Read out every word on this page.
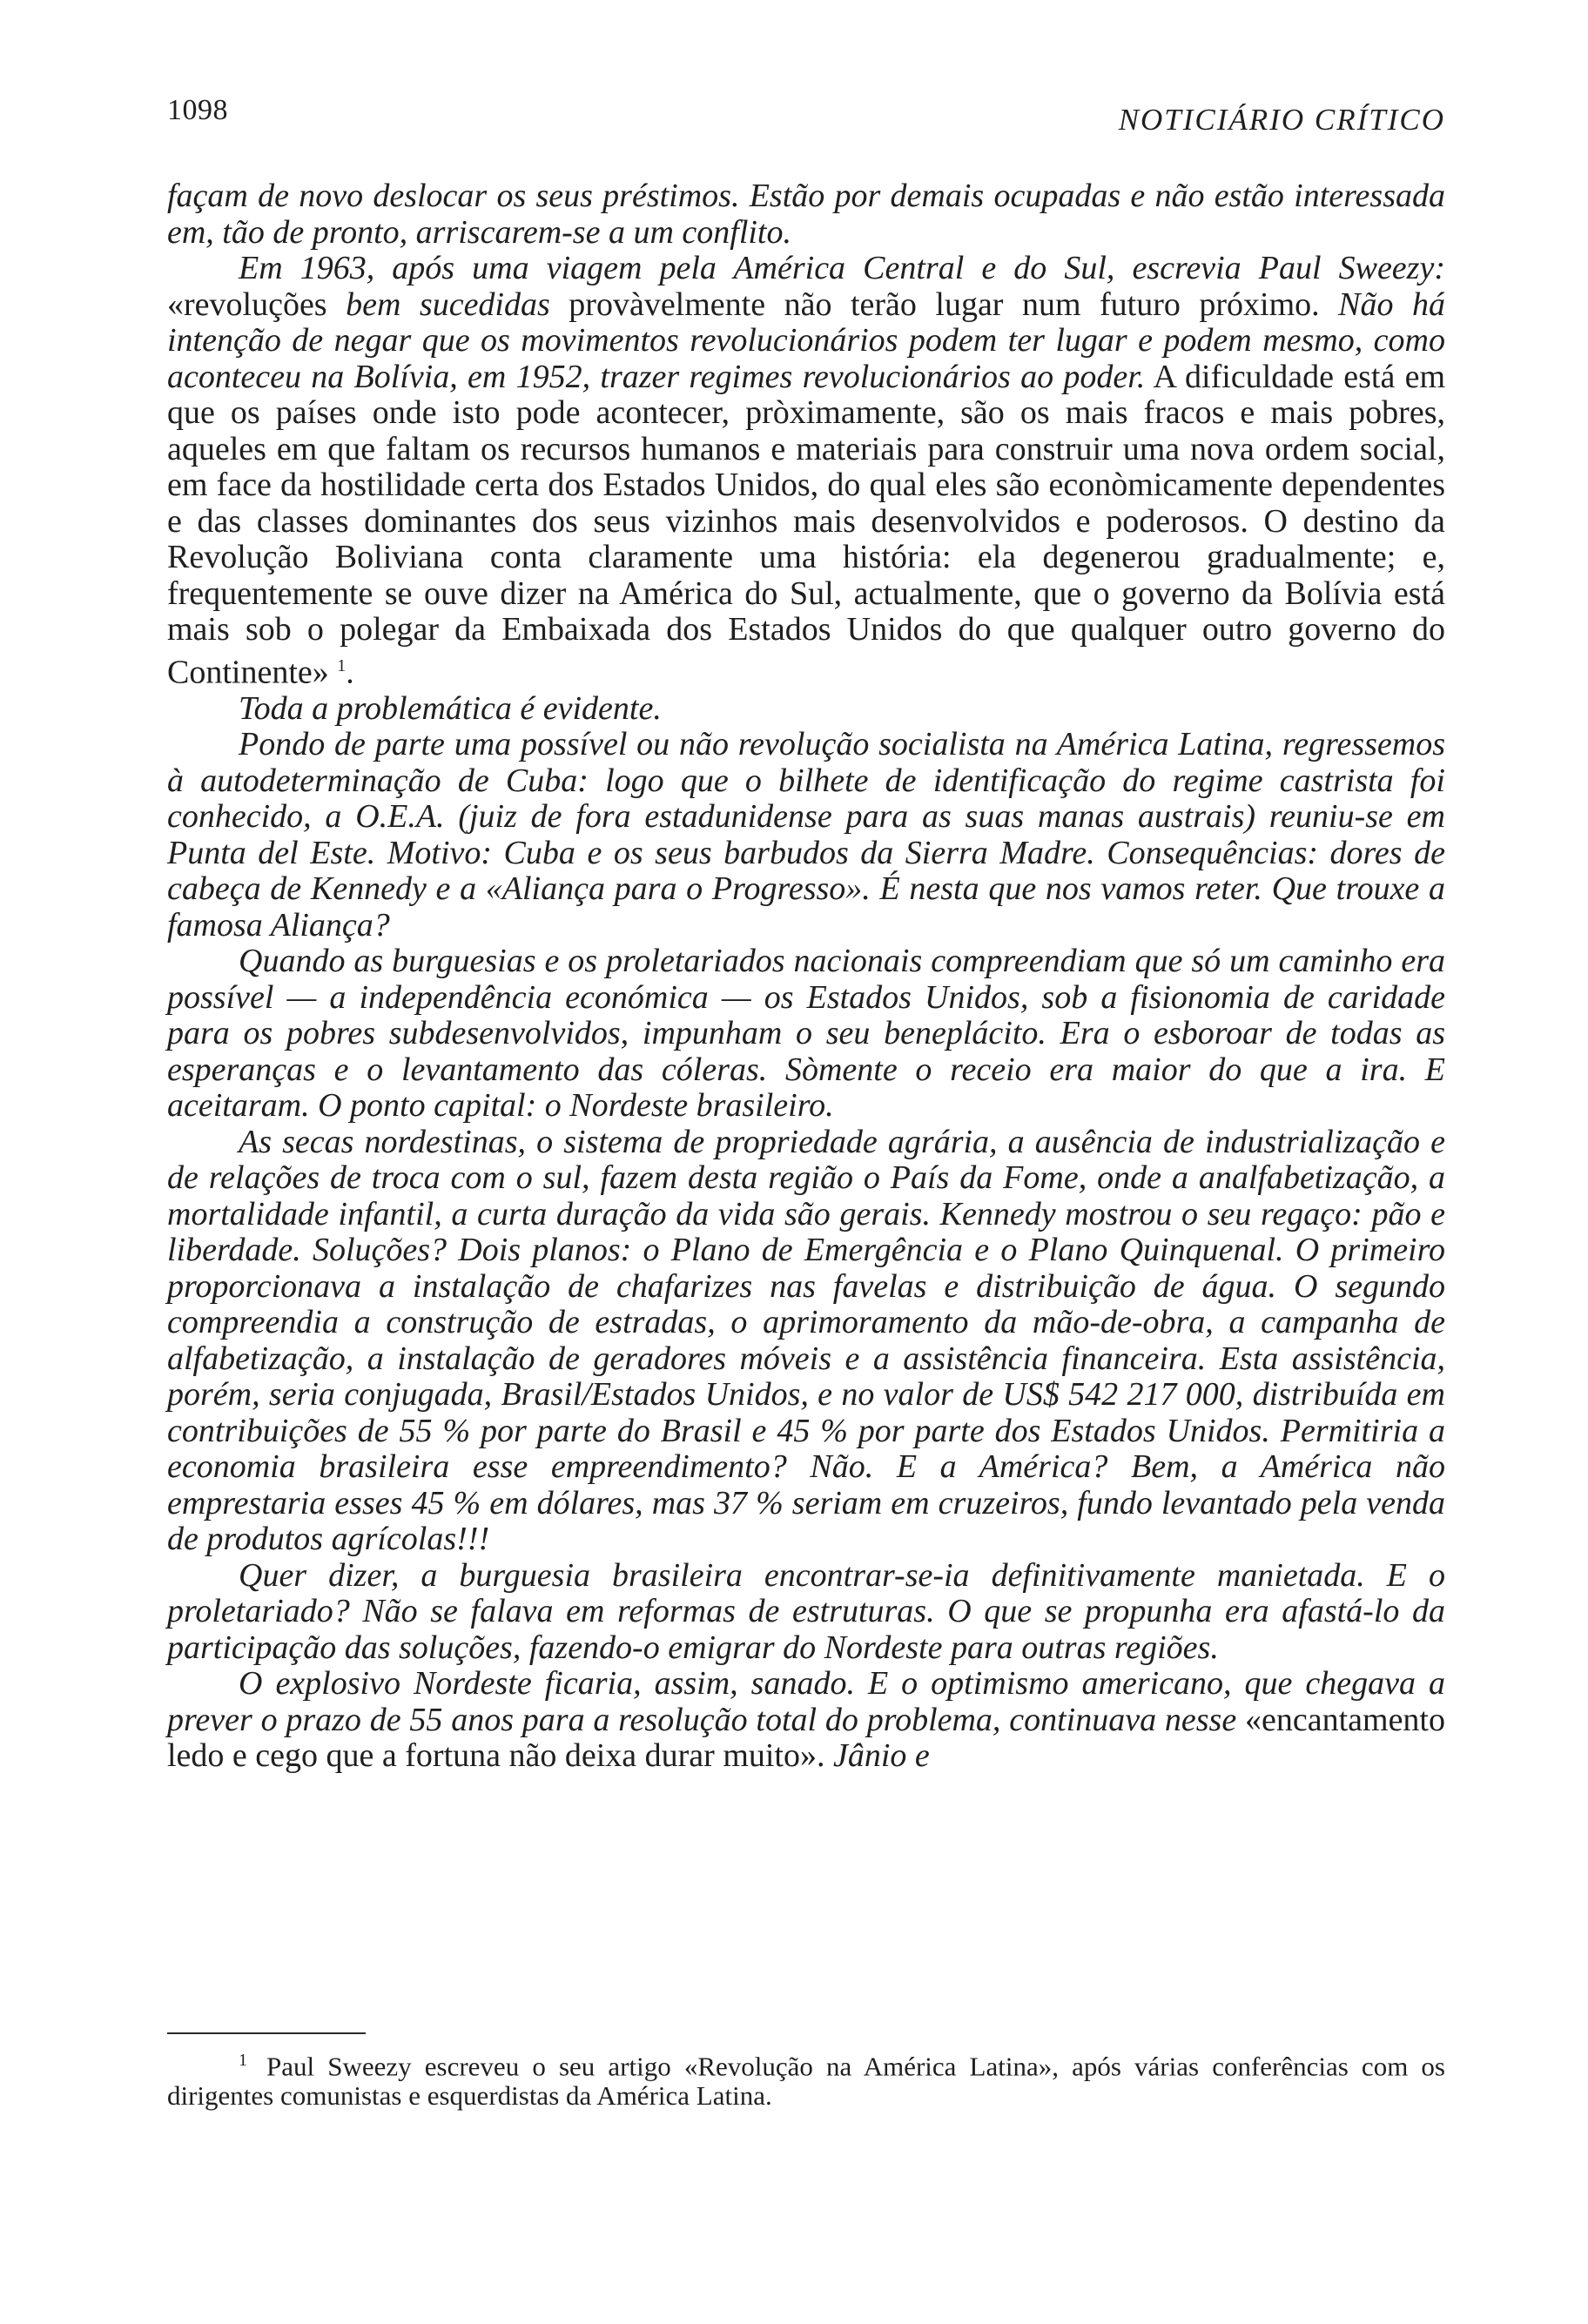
1098	NOTICIÁRIO CRÍTICO

façam de novo deslocar os seus préstimos. Estão por demais ocupadas e não estão interessada em, tão de pronto, arriscarem-se a um conflito.

Em 1963, após uma viagem pela América Central e do Sul, escrevia Paul Sweezy: «revoluções bem sucedidas provàvelmente não terão lugar num futuro próximo. Não há intenção de negar que os movimentos revolucionários podem ter lugar e podem mesmo, como aconteceu na Bolívia, em 1952, trazer regimes revolucionários ao poder. A dificuldade está em que os países onde isto pode acontecer, pròximamente, são os mais fracos e mais pobres, aqueles em que faltam os recursos humanos e materiais para construir uma nova ordem social, em face da hostilidade certa dos Estados Unidos, do qual eles são econòmicamente dependentes e das classes dominantes dos seus vizinhos mais desenvolvidos e poderosos. O destino da Revolução Boliviana conta claramente uma história: ela degenerou gradualmente; e, frequentemente se ouve dizer na América do Sul, actualmente, que o governo da Bolívia está mais sob o polegar da Embaixada dos Estados Unidos do que qualquer outro governo do Continente» $^1$.

Toda a problemática é evidente.

Pondo de parte uma possível ou não revolução socialista na América Latina, regressemos à autodeterminação de Cuba: logo que o bilhete de identificação do regime castrista foi conhecido, a O.E.A. (juiz de fora estadunidense para as suas manas austrais) reuniu-se em Punta del Este. Motivo: Cuba e os seus barbudos da Sierra Madre. Consequências: dores de cabeça de Kennedy e a «Aliança para o Progresso». É nesta que nos vamos reter. Que trouxe a famosa Aliança?

Quando as burguesias e os proletariados nacionais compreendiam que só um caminho era possível — a independência económica — os Estados Unidos, sob a fisionomia de caridade para os pobres subdesenvolvidos, impunham o seu beneplácito. Era o esboroar de todas as esperanças e o levantamento das cóleras. Sòmente o receio era maior do que a ira. E aceitaram. O ponto capital: o Nordeste brasileiro.

As secas nordestinas, o sistema de propriedade agrária, a ausência de industrialização e de relações de troca com o sul, fazem desta região o País da Fome, onde a analfabetização, a mortalidade infantil, a curta duração da vida são gerais. Kennedy mostrou o seu regaço: pão e liberdade. Soluções? Dois planos: o Plano de Emergência e o Plano Quinquenal. O primeiro proporcionava a instalação de chafarizes nas favelas e distribuição de água. O segundo compreendia a construção de estradas, o aprimoramento da mão-de-obra, a campanha de alfabetização, a instalação de geradores móveis e a assistência financeira. Esta assistência, porém, seria conjugada, Brasil/Estados Unidos, e no valor de US$ 542 217 000, distribuída em contribuições de 55 % por parte do Brasil e 45 % por parte dos Estados Unidos. Permitiria a economia brasileira esse empreendimento? Não. E a América? Bem, a América não emprestaria esses 45 % em dólares, mas 37 % seriam em cruzeiros, fundo levantado pela venda de produtos agrícolas!!!

Quer dizer, a burguesia brasileira encontrar-se-ia definitivamente manietada. E o proletariado? Não se falava em reformas de estruturas. O que se propunha era afastá-lo da participação das soluções, fazendo-o emigrar do Nordeste para outras regiões.

O explosivo Nordeste ficaria, assim, sanado. E o optimismo americano, que chegava a prever o prazo de 55 anos para a resolução total do problema, continuava nesse «encantamento ledo e cego que a fortuna não deixa durar muito». Jânio e

$^1$ Paul Sweezy escreveu o seu artigo «Revolução na América Latina», após várias conferências com os dirigentes comunistas e esquerdistas da América Latina.
